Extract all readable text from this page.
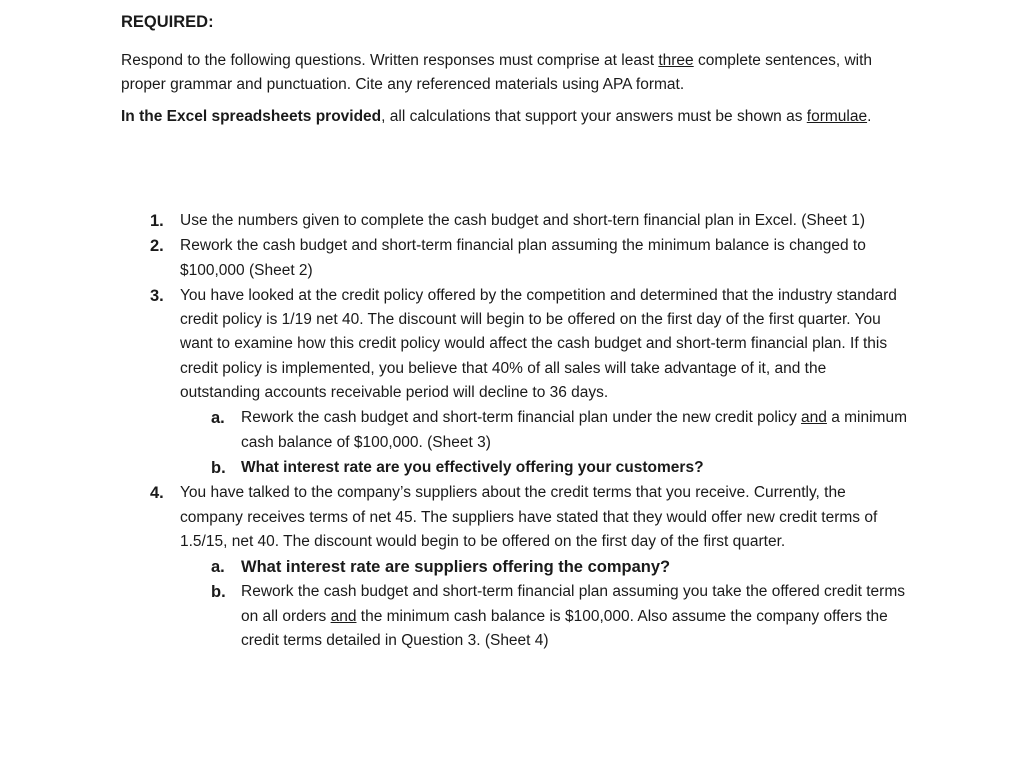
REQUIRED:

Respond to the following questions. Written responses must comprise at least three complete sentences, with proper grammar and punctuation. Cite any referenced materials using APA format.

In the Excel spreadsheets provided, all calculations that support your answers must be shown as formulae.

1.	Use the numbers given to complete the cash budget and short-tern financial plan in Excel. (Sheet 1)
2.	Rework the cash budget and short-term financial plan assuming the minimum balance is changed to $100,000 (Sheet 2)
3.	You have looked at the credit policy offered by the competition and determined that the industry standard credit policy is 1/19 net 40. The discount will begin to be offered on the first day of the first quarter. You want to examine how this credit policy would affect the cash budget and short-term financial plan. If this credit policy is implemented, you believe that 40% of all sales will take advantage of it, and the outstanding accounts receivable period will decline to 36 days.
a.	Rework the cash budget and short-term financial plan under the new credit policy and a minimum cash balance of $100,000. (Sheet 3)
b. What interest rate are you effectively offering your customers?
4.	You have talked to the company’s suppliers about the credit terms that you receive. Currently, the company receives terms of net 45. The suppliers have stated that they would offer new credit terms of 1.5/15, net 40. The discount would begin to be offered on the first day of the first quarter.
a. What interest rate are suppliers offering the company?
b. Rework the cash budget and short-term financial plan assuming you take the offered credit terms on all orders and the minimum cash balance is $100,000. Also assume the company offers the credit terms detailed in Question 3. (Sheet 4)
